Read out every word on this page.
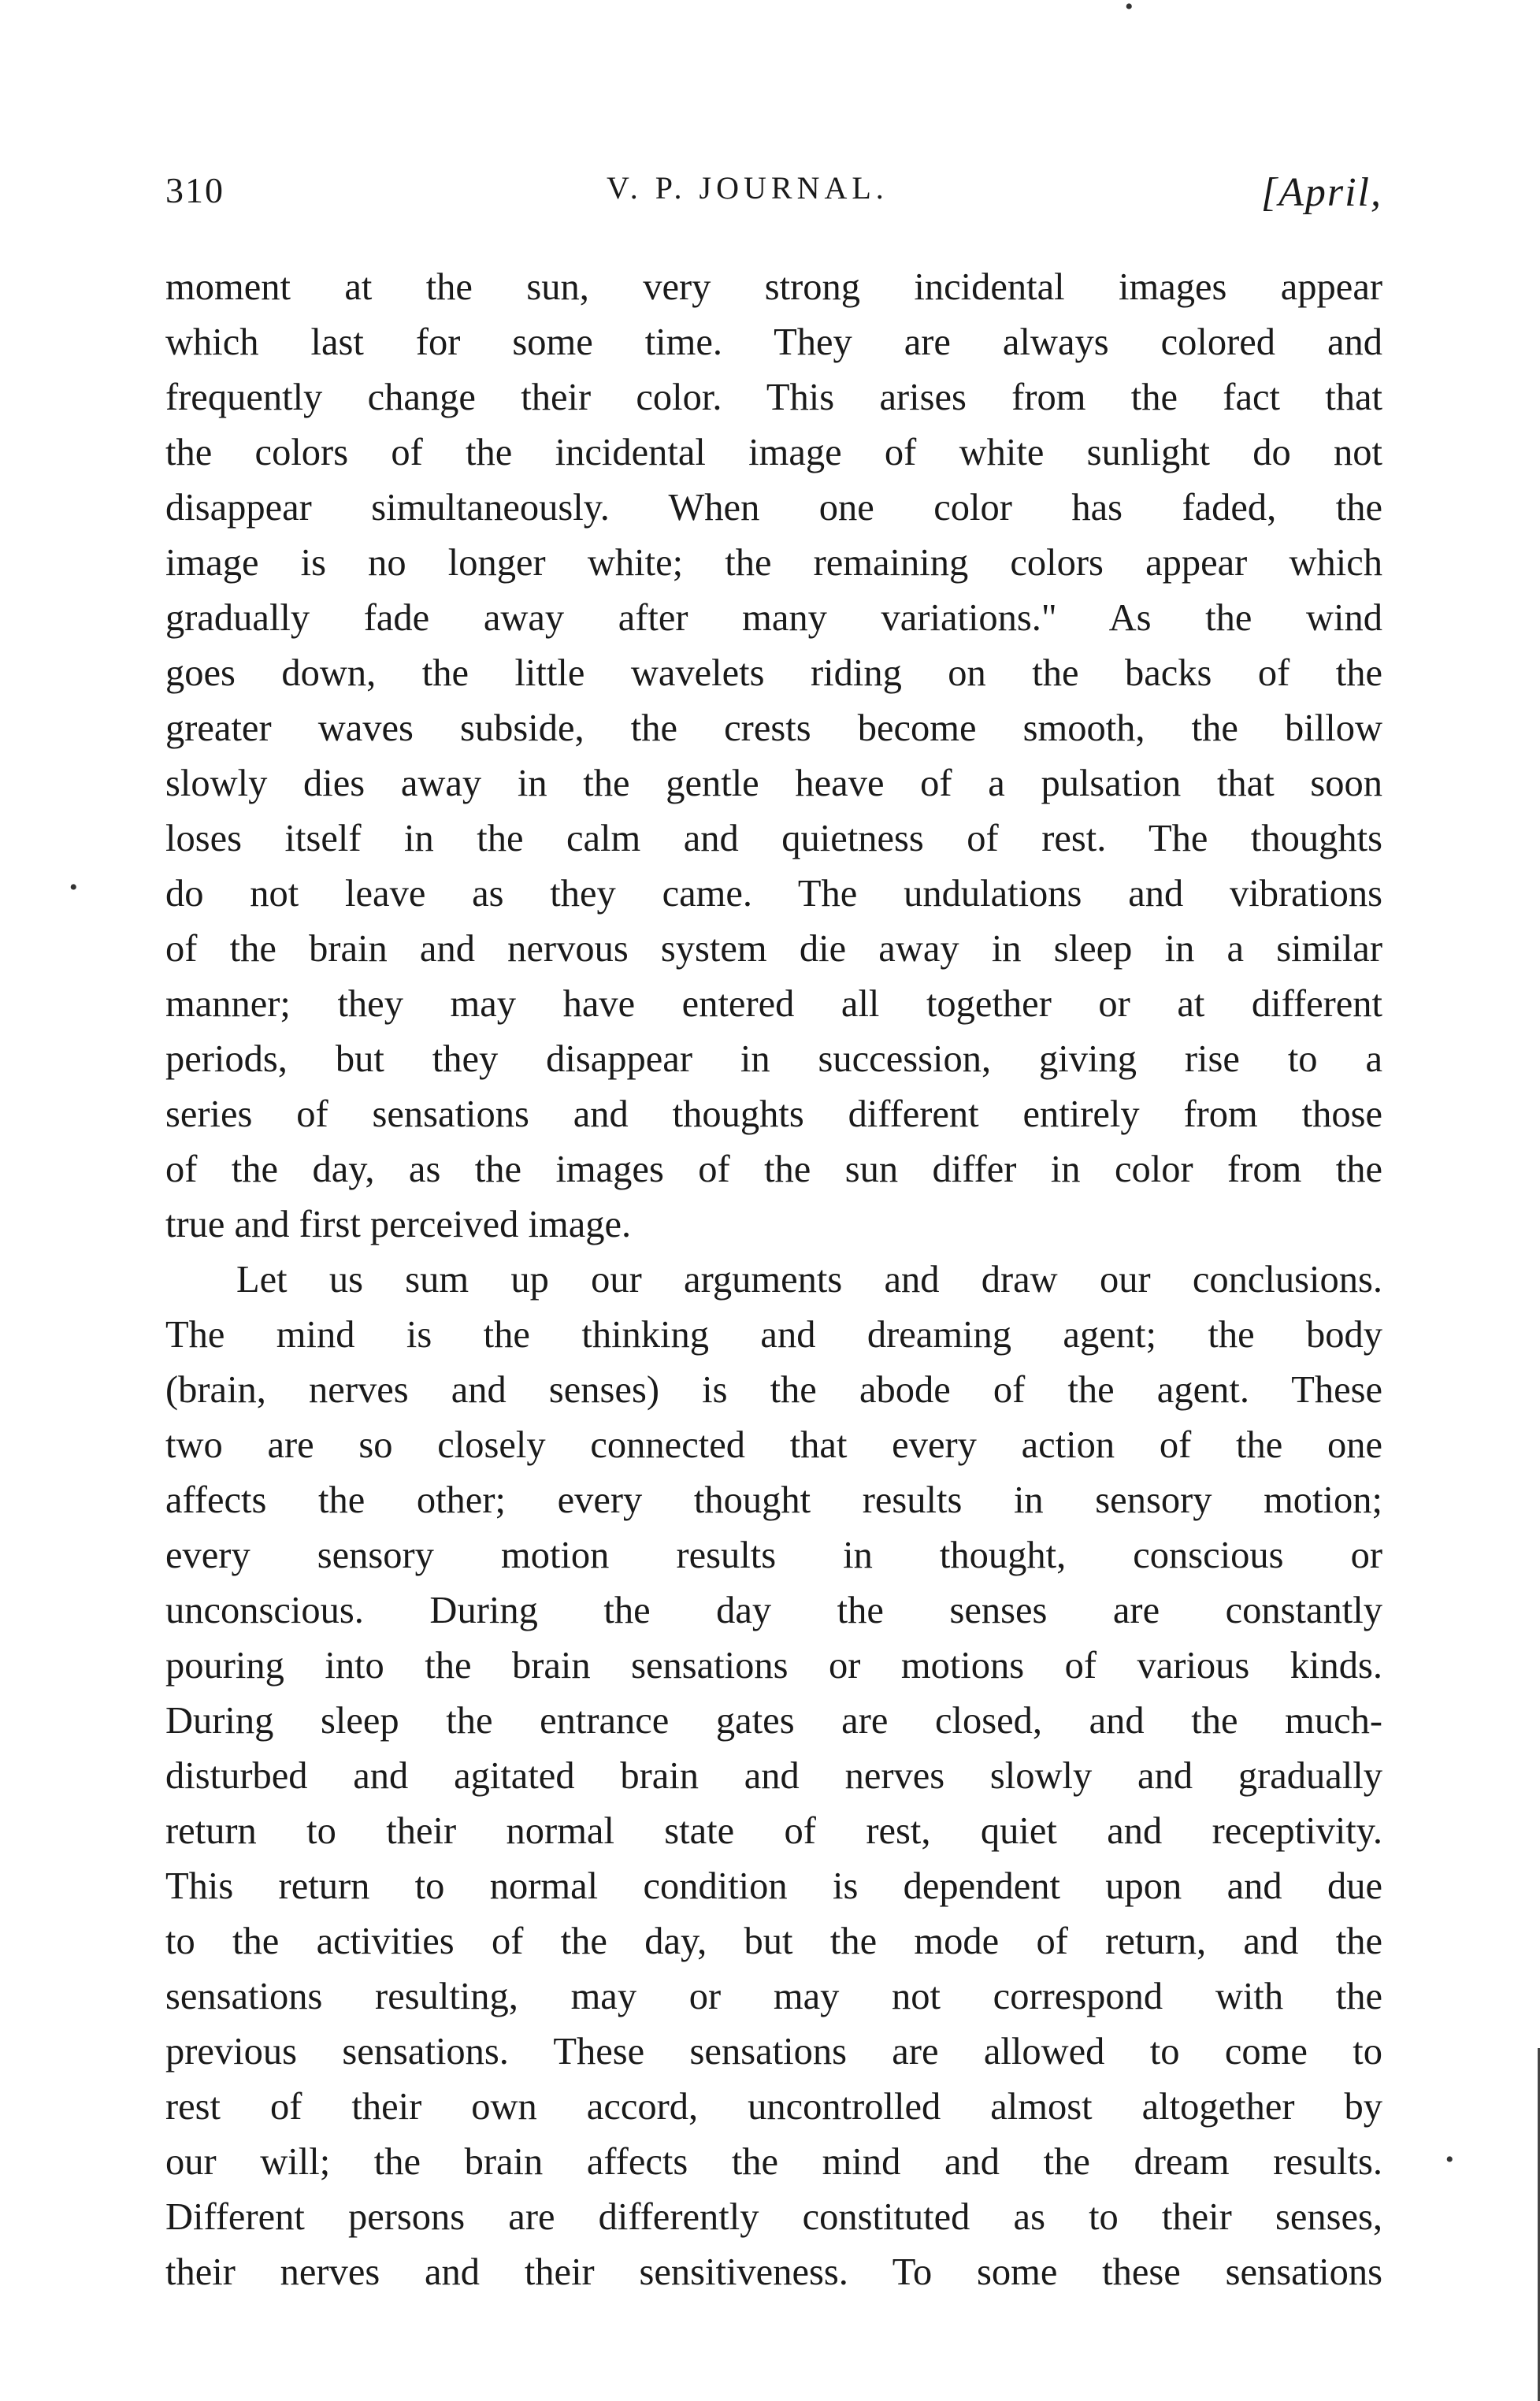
310	V. P. JOURNAL.	[April,
moment at the sun, very strong incidental images appear
which last for some time. They are always colored and
frequently change their color. This arises from the fact that
the colors of the incidental image of white sunlight do not
disappear simultaneously. When one color has faded, the
image is no longer white; the remaining colors appear which
gradually fade away after many variations." As the wind
goes down, the little wavelets riding on the backs of the
greater waves subside, the crests become smooth, the billow
slowly dies away in the gentle heave of a pulsation that soon
loses itself in the calm and quietness of rest. The thoughts
do not leave as they came. The undulations and vibrations
of the brain and nervous system die away in sleep in a similar
manner; they may have entered all together or at different
periods, but they disappear in succession, giving rise to a
series of sensations and thoughts different entirely from those
of the day, as the images of the sun differ in color from the
true and first perceived image.
Let us sum up our arguments and draw our conclusions.
The mind is the thinking and dreaming agent; the body
(brain, nerves and senses) is the abode of the agent. These
two are so closely connected that every action of the one
affects the other; every thought results in sensory motion;
every sensory motion results in thought, conscious or
unconscious. During the day the senses are constantly
pouring into the brain sensations or motions of various kinds.
During sleep the entrance gates are closed, and the much-
disturbed and agitated brain and nerves slowly and gradually
return to their normal state of rest, quiet and receptivity.
This return to normal condition is dependent upon and due
to the activities of the day, but the mode of return, and the
sensations resulting, may or may not correspond with the
previous sensations. These sensations are allowed to come to
rest of their own accord, uncontrolled almost altogether by
our will; the brain affects the mind and the dream results.
Different persons are differently constituted as to their senses,
their nerves and their sensitiveness. To some these sensations
•
•
•
